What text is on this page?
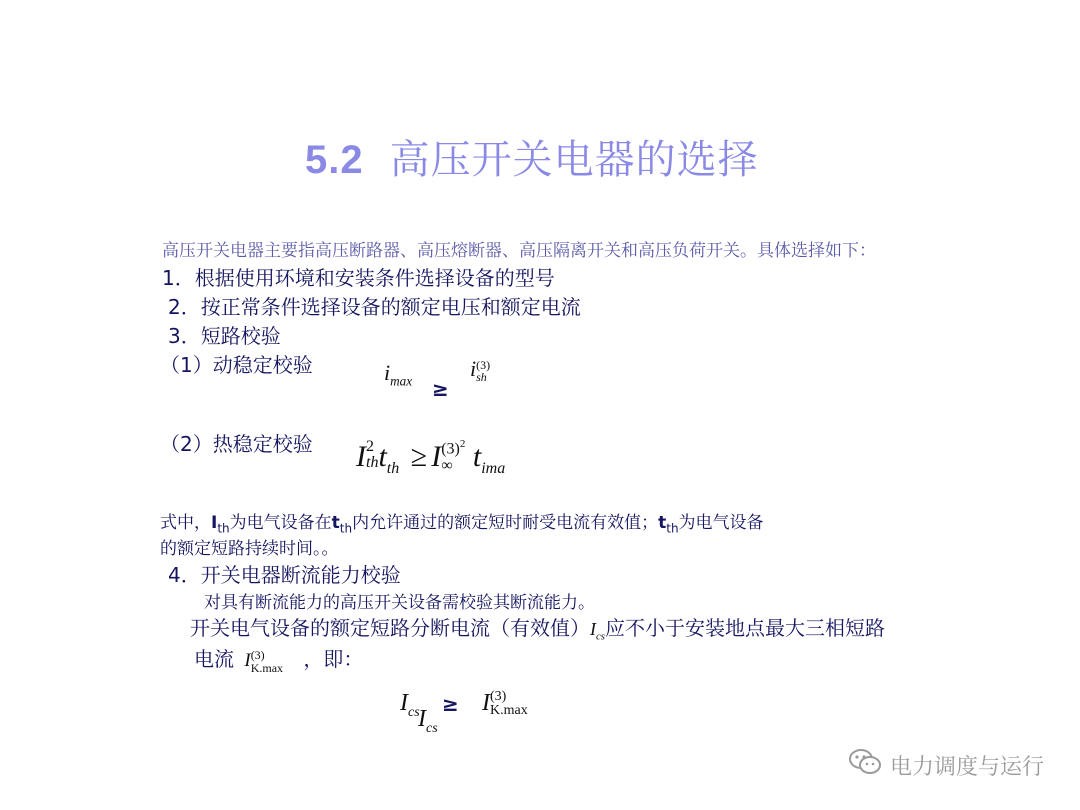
5.2 高压开关电器的选择
高压开关电器主要指高压断路器、高压熔断器、高压隔离开关和高压负荷开关。具体选择如下：
1．根据使用环境和安装条件选择设备的型号
2．按正常条件选择设备的额定电压和额定电流
3．短路校验
（1）动稳定校验	$i_{max}$ ≥
i (3)
sh
（2）热稳定校验 I 2
th $t_{th} \ge I$ $(3)^2$
∞ $t_{ima}$
式中，$I_{th}$为电气设备在$t_{th}$内允许通过的额定短时耐受电流有效值；$t_{th}$为电气设备
的额定短路持续时间。。
4．开关电器断流能力校验
对具有断流能力的高压开关设备需校验其断流能力。
开关电气设备的额定短路分断电流（有效值）$I_{cs}$应不小于安装地点最大三相短路
电流 I (3)
K.max ，即：
$I_{cs}$
$I_{cs}$
≥ I (3)
K.max
电力调度与运行
